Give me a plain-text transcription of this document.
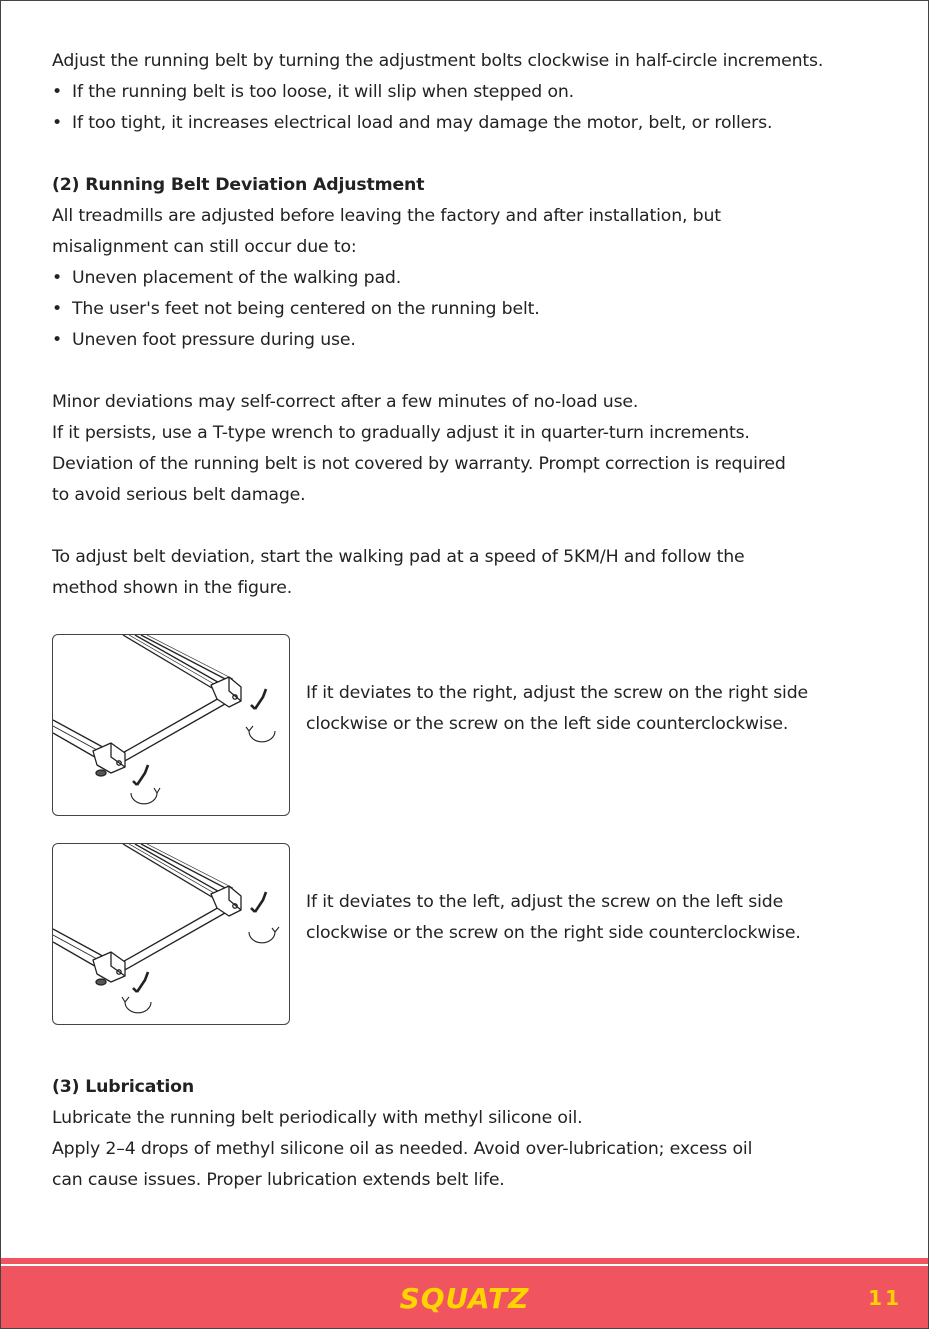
Adjust the running belt by turning the adjustment bolts clockwise in half-circle increments.

• If the running belt is too loose, it will slip when stepped on.
• If too tight, it increases electrical load and may damage the motor, belt, or rollers.

(2) Running Belt Deviation Adjustment

All treadmills are adjusted before leaving the factory and after installation, but

misalignment can still occur due to:

• Uneven placement of the walking pad.
• The user's feet not being centered on the running belt.
• Uneven foot pressure during use.

Minor deviations may self-correct after a few minutes of no-load use.

If it persists, use a T-type wrench to gradually adjust it in quarter-turn increments.

Deviation of the running belt is not covered by warranty. Prompt correction is required

to avoid serious belt damage.

To adjust belt deviation, start the walking pad at a speed of 5KM/H and follow the

method shown in the figure.

If it deviates to the right, adjust the screw on the right side

clockwise or the screw on the left side counterclockwise.

If it deviates to the left, adjust the screw on the left side

clockwise or the screw on the right side counterclockwise.

(3) Lubrication

Lubricate the running belt periodically with methyl silicone oil.

Apply 2–4 drops of methyl silicone oil as needed. Avoid over-lubrication; excess oil

can cause issues. Proper lubrication extends belt life.

SQUATZ	11
